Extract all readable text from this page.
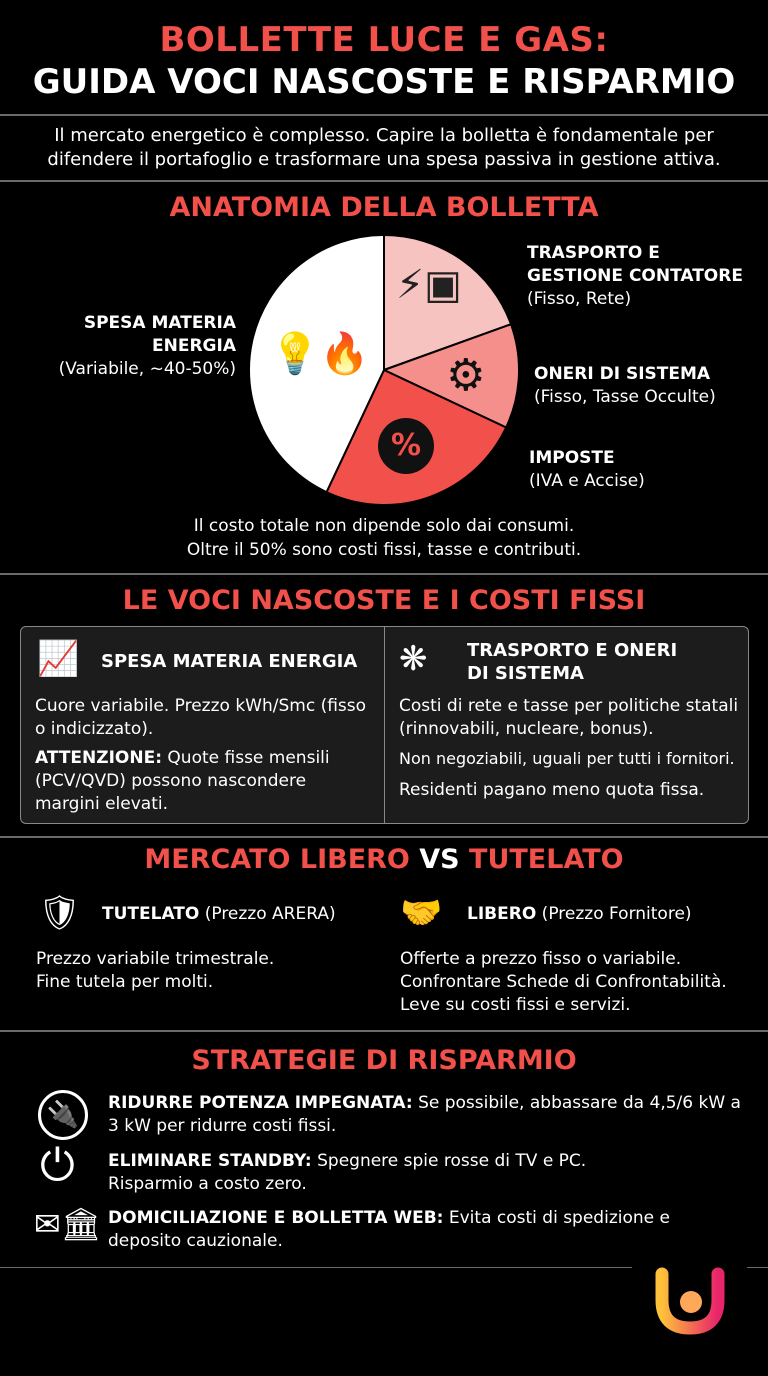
BOLLETTE LUCE E GAS:
GUIDA VOCI NASCOSTE E RISPARMIO
Il mercato energetico è complesso. Capire la bolletta è fondamentale per
difendere il portafoglio e trasformare una spesa passiva in gestione attiva.
ANATOMIA DELLA BOLLETTA
💡🔥
⚡▣
⚙
%
SPESA MATERIA
ENERGIA
(Variabile, ~40-50%)
TRASPORTO E
GESTIONE CONTATORE
(Fisso, Rete)
ONERI DI SISTEMA
(Fisso, Tasse Occulte)
IMPOSTE
(IVA e Accise)
Il costo totale non dipende solo dai consumi.
Oltre il 50% sono costi fissi, tasse e contributi.
LE VOCI NASCOSTE E I COSTI FISSI
📈 SPESA MATERIA ENERGIA
Cuore variabile. Prezzo kWh/Smc (fisso o indicizzato).
ATTENZIONE: Quote fisse mensili (PCV/QVD) possono nascondere margini elevati.
❋ TRASPORTO E ONERI
DI SISTEMA
Costi di rete e tasse per politiche statali (rinnovabili, nucleare, bonus).
Non negoziabili, uguali per tutti i fornitori.
Residenti pagano meno quota fissa.
MERCATO LIBERO VS TUTELATO
🛡 TUTELATO (Prezzo ARERA)
Prezzo variabile trimestrale.
Fine tutela per molti.
🤝 LIBERO (Prezzo Fornitore)
Offerte a prezzo fisso o variabile.
Confrontare Schede di Confrontabilità.
Leve su costi fissi e servizi.
STRATEGIE DI RISPARMIO
🔌	RIDURRE POTENZA IMPEGNATA: Se possibile, abbassare da 4,5/6 kW a 3 kW per ridurre costi fissi.
⏻ ELIMINARE STANDBY: Spegnere spie rosse di TV e PC. Risparmio a costo zero.
✉🏛 DOMICILIAZIONE E BOLLETTA WEB: Evita costi di spedizione e deposito cauzionale.
